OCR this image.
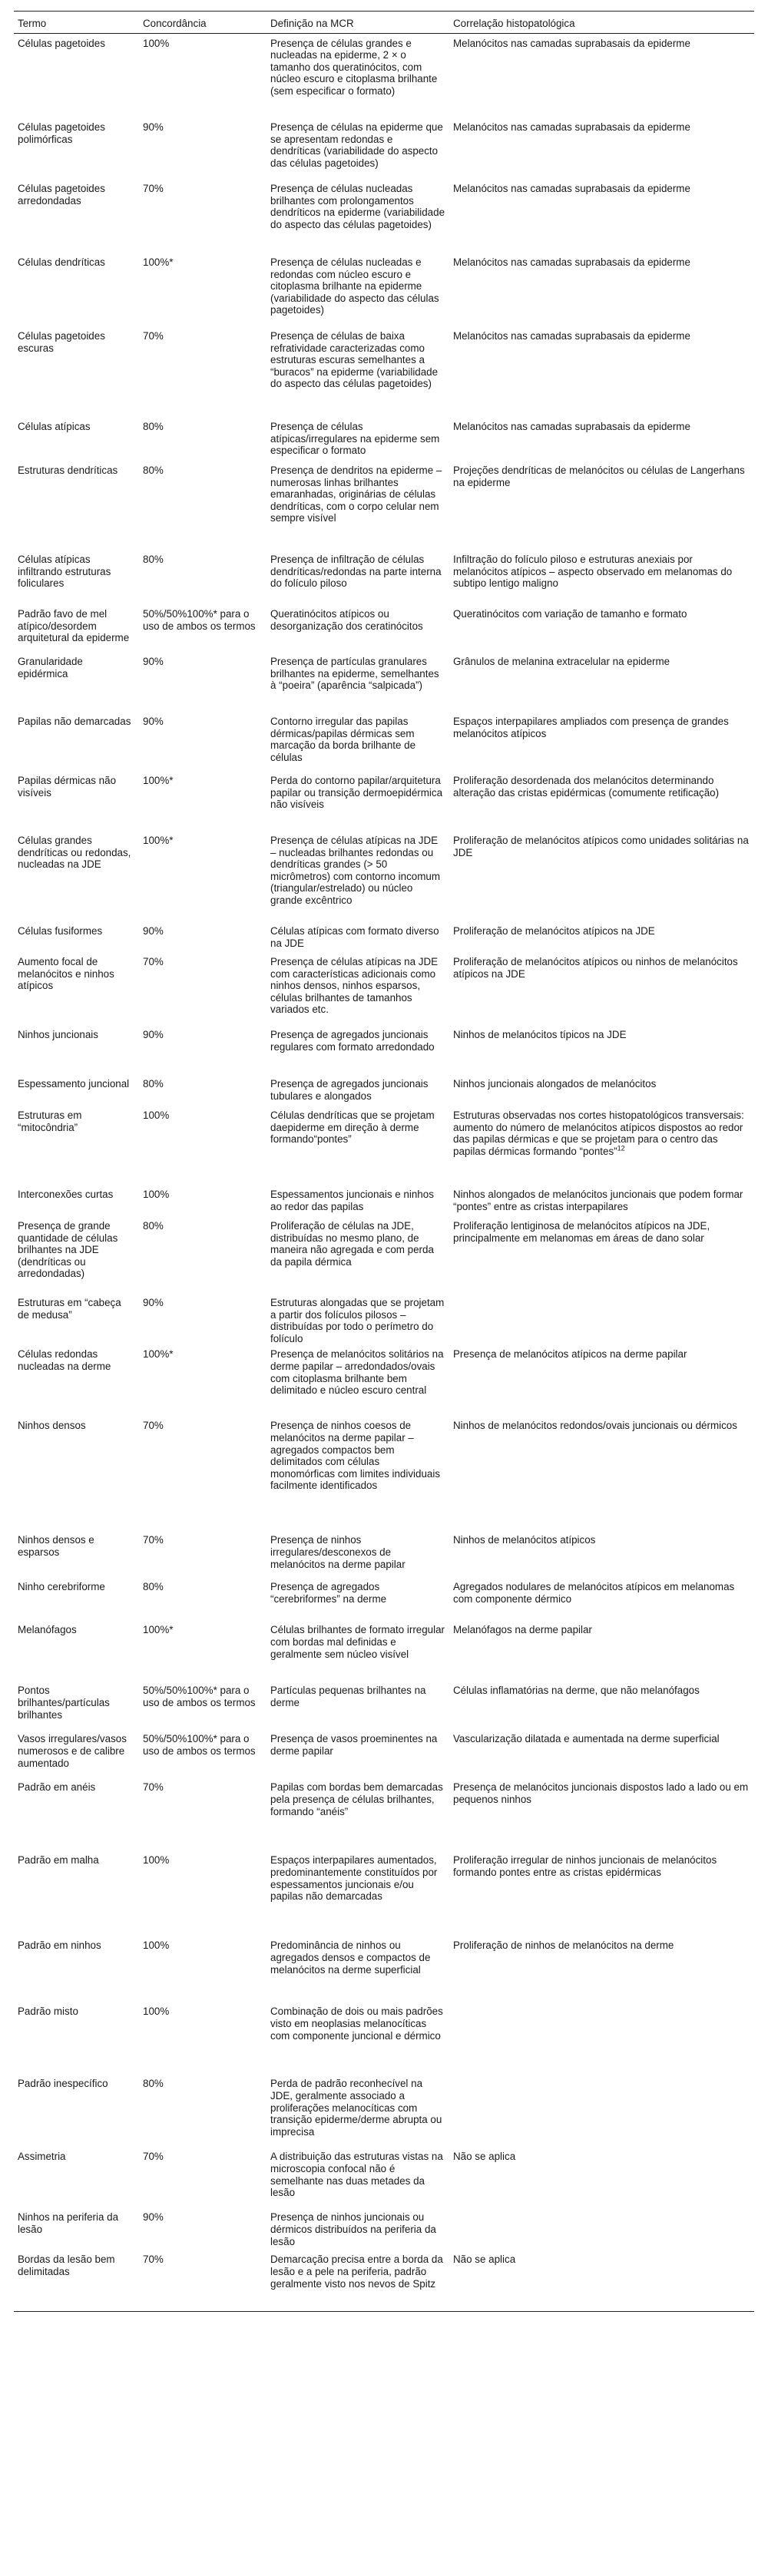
Termo	Concordância	Definição na MCR	Correlação histopatológica
Células pagetoides	100%	Presença de células grandes e nucleadas na epiderme, 2 × o tamanho dos queratinócitos, com núcleo escuro e citoplasma brilhante (sem especificar o formato)	Melanócitos nas camadas suprabasais da epiderme
Células pagetoides polimórficas	90%	Presença de células na epiderme que se apresentam redondas e dendríticas (variabilidade do aspecto das células pagetoides)	Melanócitos nas camadas suprabasais da epiderme
Células pagetoides arredondadas	70%	Presença de células nucleadas brilhantes com prolongamentos dendríticos na epiderme (variabilidade do aspecto das células pagetoides)	Melanócitos nas camadas suprabasais da epiderme
Células dendríticas	100%*	Presença de células nucleadas e redondas com núcleo escuro e citoplasma brilhante na epiderme (variabilidade do aspecto das células pagetoides)	Melanócitos nas camadas suprabasais da epiderme
Células pagetoides escuras	70%	Presença de células de baixa refratividade caracterizadas como estruturas escuras semelhantes a “buracos” na epiderme (variabilidade do aspecto das células pagetoides)	Melanócitos nas camadas suprabasais da epiderme
Células atípicas	80%	Presença de células atípicas/irregulares na epiderme sem especificar o formato	Melanócitos nas camadas suprabasais da epiderme
Estruturas dendríticas	80%	Presença de dendritos na epiderme – numerosas linhas brilhantes emaranhadas, originárias de células dendríticas, com o corpo celular nem sempre visível	Projeções dendríticas de melanócitos ou células de Langerhans na epiderme
Células atípicas infiltrando estruturas foliculares	80%	Presença de infiltração de células dendríticas/redondas na parte interna do folículo piloso	Infiltração do folículo piloso e estruturas anexiais por melanócitos atípicos – aspecto observado em melanomas do subtipo lentigo maligno
Padrão favo de mel atípico/desordem arquitetural da epiderme	50%/50%100%* para o uso de ambos os termos	Queratinócitos atípicos ou desorganização dos ceratinócitos	Queratinócitos com variação de tamanho e formato
Granularidade epidérmica	90%	Presença de partículas granulares brilhantes na epiderme, semelhantes à “poeira” (aparência “salpicada”)	Grânulos de melanina extracelular na epiderme
Papilas não demarcadas	90%	Contorno irregular das papilas dérmicas/papilas dérmicas sem marcação da borda brilhante de células	Espaços interpapilares ampliados com presença de grandes melanócitos atípicos
Papilas dérmicas não visíveis	100%*	Perda do contorno papilar/arquitetura papilar ou transição dermoepidérmica não visíveis	Proliferação desordenada dos melanócitos determinando alteração das cristas epidérmicas (comumente retificação)
Células grandes dendríticas ou redondas, nucleadas na JDE	100%*	Presença de células atípicas na JDE – nucleadas brilhantes redondas ou dendríticas grandes (> 50 micrômetros) com contorno incomum (triangular/estrelado) ou núcleo grande excêntrico	Proliferação de melanócitos atípicos como unidades solitárias na JDE
Células fusiformes	90%	Células atípicas com formato diverso na JDE	Proliferação de melanócitos atípicos na JDE
Aumento focal de melanócitos e ninhos atípicos	70%	Presença de células atípicas na JDE com características adicionais como ninhos densos, ninhos esparsos, células brilhantes de tamanhos variados etc.	Proliferação de melanócitos atípicos ou ninhos de melanócitos atípicos na JDE
Ninhos juncionais	90%	Presença de agregados juncionais regulares com formato arredondado	Ninhos de melanócitos típicos na JDE
Espessamento juncional	80%	Presença de agregados juncionais tubulares e alongados	Ninhos juncionais alongados de melanócitos
Estruturas em “mitocôndria”	100%	Células dendríticas que se projetam daepiderme em direção à derme formando“pontes”	Estruturas observadas nos cortes histopatológicos transversais: aumento do número de melanócitos atípicos dispostos ao redor das papilas dérmicas e que se projetam para o centro das papilas dérmicas formando “pontes”$^{12}$
Interconexões curtas	100%	Espessamentos juncionais e ninhos ao redor das papilas	Ninhos alongados de melanócitos juncionais que podem formar “pontes” entre as cristas interpapilares
Presença de grande quantidade de células brilhantes na JDE (dendríticas ou arredondadas)	80%	Proliferação de células na JDE, distribuídas no mesmo plano, de maneira não agregada e com perda da papila dérmica	Proliferação lentiginosa de melanócitos atípicos na JDE, principalmente em melanomas em áreas de dano solar
Estruturas em “cabeça de medusa”	90%	Estruturas alongadas que se projetam a partir dos folículos pilosos – distribuídas por todo o perímetro do folículo	
Células redondas nucleadas na derme	100%*	Presença de melanócitos solitários na derme papilar – arredondados/ovais com citoplasma brilhante bem delimitado e núcleo escuro central	Presença de melanócitos atípicos na derme papilar
Ninhos densos	70%	Presença de ninhos coesos de melanócitos na derme papilar – agregados compactos bem delimitados com células monomórficas com limites individuais facilmente identificados	Ninhos de melanócitos redondos/ovais juncionais ou dérmicos
Ninhos densos e esparsos	70%	Presença de ninhos irregulares/desconexos de melanócitos na derme papilar	Ninhos de melanócitos atípicos
Ninho cerebriforme	80%	Presença de agregados “cerebriformes” na derme	Agregados nodulares de melanócitos atípicos em melanomas com componente dérmico
Melanófagos	100%*	Células brilhantes de formato irregular com bordas mal definidas e geralmente sem núcleo visível	Melanófagos na derme papilar
Pontos brilhantes/partículas brilhantes	50%/50%100%* para o uso de ambos os termos	Partículas pequenas brilhantes na derme	Células inflamatórias na derme, que não melanófagos
Vasos irregulares/vasos numerosos e de calibre aumentado	50%/50%100%* para o uso de ambos os termos	Presença de vasos proeminentes na derme papilar	Vascularização dilatada e aumentada na derme superficial
Padrão em anéis	70%	Papilas com bordas bem demarcadas pela presença de células brilhantes, formando “anéis”	Presença de melanócitos juncionais dispostos lado a lado ou em pequenos ninhos
Padrão em malha	100%	Espaços interpapilares aumentados, predominantemente constituídos por espessamentos juncionais e/ou papilas não demarcadas	Proliferação irregular de ninhos juncionais de melanócitos formando pontes entre as cristas epidérmicas
Padrão em ninhos	100%	Predominância de ninhos ou agregados densos e compactos de melanócitos na derme superficial	Proliferação de ninhos de melanócitos na derme
Padrão misto	100%	Combinação de dois ou mais padrões visto em neoplasias melanocíticas com componente juncional e dérmico	
Padrão inespecífico	80%	Perda de padrão reconhecível na JDE, geralmente associado a proliferações melanocíticas com transição epiderme/derme abrupta ou imprecisa	
Assimetria	70%	A distribuição das estruturas vistas na microscopia confocal não é semelhante nas duas metades da lesão	Não se aplica
Ninhos na periferia da lesão	90%	Presença de ninhos juncionais ou dérmicos distribuídos na periferia da lesão	
Bordas da lesão bem delimitadas	70%	Demarcação precisa entre a borda da lesão e a pele na periferia, padrão geralmente visto nos nevos de Spitz	Não se aplica
